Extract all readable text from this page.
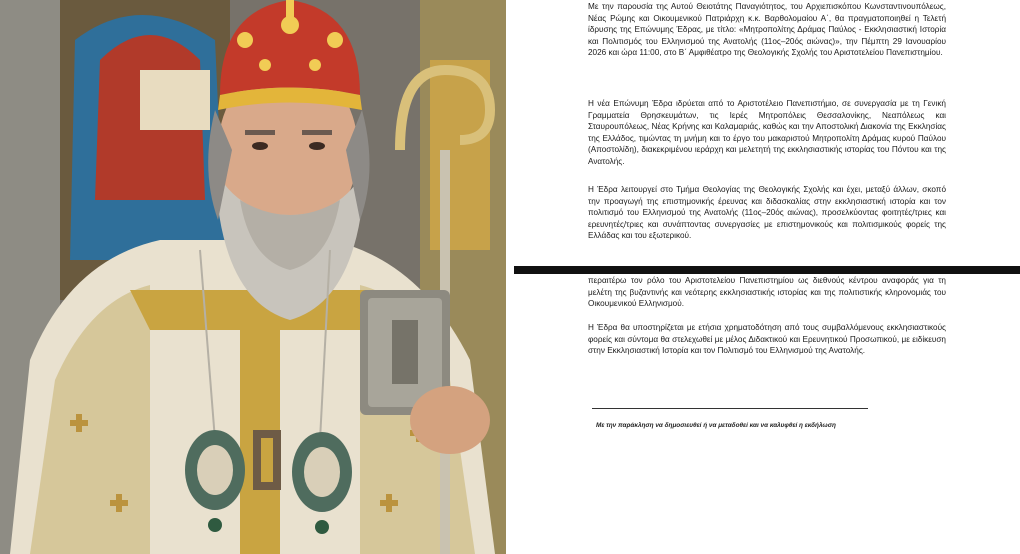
Με την παρουσία της Αυτού Θειοτάτης Παναγιότητος, του Αρχιεπισκόπου Κωνσταντινουπόλεως, Νέας Ρώμης και Οικουμενικού Πατριάρχη κ.κ. Βαρθολομαίου Α΄, θα πραγματοποιηθεί η Τελετή ίδρυσης της Επώνυμης Έδρας, με τίτλο: «Μητροπολίτης Δράμας Παύλος - Εκκλησιαστική Ιστορία και Πολιτισμός του Ελληνισμού της Ανατολής (11ος–20ός αιώνας)», την Πέμπτη 29 Ιανουαρίου 2026 και ώρα 11:00, στο Β΄ Αμφιθέατρο της Θεολογικής Σχολής του Αριστοτελείου Πανεπιστημίου.

Η νέα Επώνυμη Έδρα ιδρύεται από το Αριστοτέλειο Πανεπιστήμιο, σε συνεργασία με τη Γενική Γραμματεία Θρησκευμάτων, τις Ιερές Μητροπόλεις Θεσσαλονίκης, Νεαπόλεως και Σταυρουπόλεως, Νέας Κρήνης και Καλαμαριάς, καθώς και την Αποστολική Διακονία της Εκκλησίας της Ελλάδος, τιμώντας τη μνήμη και το έργο του μακαριστού Μητροπολίτη Δράμας κυρού Παύλου (Αποστολίδη), διακεκριμένου ιεράρχη και μελετητή της εκκλησιαστικής ιστορίας του Πόντου και της Ανατολής.

Η Έδρα λειτουργεί στο Τμήμα Θεολογίας της Θεολογικής Σχολής και έχει, μεταξύ άλλων, σκοπό την προαγωγή της επιστημονικής έρευνας και διδασκαλίας στην εκκλησιαστική ιστορία και τον πολιτισμό του Ελληνισμού της Ανατολής (11ος–20ός αιώνας), προσελκύοντας φοιτητές/τριες και ερευνητές/τριες και συνάπτοντας συνεργασίες με επιστημονικούς και πολιτισμικούς φορείς της Ελλάδας και του εξωτερικού.

περαιτέρω τον ρόλο του Αριστοτελείου Πανεπιστημίου ως διεθνούς κέντρου αναφοράς για τη μελέτη της βυζαντινής και νεότερης εκκλησιαστικής ιστορίας και της πολιτιστικής κληρονομιάς του Οικουμενικού Ελληνισμού.

Η Έδρα θα υποστηρίζεται με ετήσια χρηματοδότηση από τους συμβαλλόμενους εκκλησιαστικούς φορείς και σύντομα θα στελεχωθεί με μέλος Διδακτικού και Ερευνητικού Προσωπικού, με ειδίκευση στην Εκκλησιαστική Ιστορία και τον Πολιτισμό του Ελληνισμού της Ανατολής.

Με την παράκληση να δημοσιευθεί ή να μεταδοθεί και να καλυφθεί η εκδήλωση
